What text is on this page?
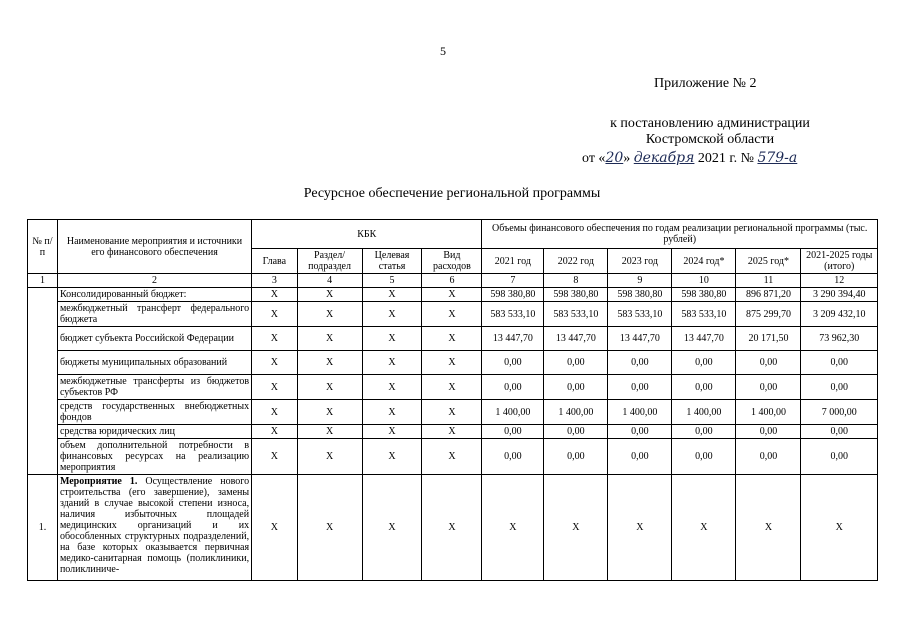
5
Приложение № 2
к постановлению администрации
Костромской области
от «20» декабря 2021 г. № 579-а
Ресурсное обеспечение региональной программы
№ п/п	Наименование мероприятия и источники его финансового обеспечения	КБК				Объемы финансового обеспечения по годам реализации региональной программы (тыс. рублей)					
		Глава	Раздел/ подраздел	Целевая статья	Вид расходов	2021 год	2022 год	2023 год	2024 год*	2025 год*	2021-2025 годы (итого)
1	2	3	4	5	6	7	8	9	10	11	12
	Консолидированный бюджет:	X	X	X	X	598 380,80	598 380,80	598 380,80	598 380,80	896 871,20	3 290 394,40
	межбюджетный трансферт федерального бюджета	X	X	X	X	583 533,10	583 533,10	583 533,10	583 533,10	875 299,70	3 209 432,10
	бюджет субъекта Российской Федерации	X	X	X	X	13 447,70	13 447,70	13 447,70	13 447,70	20 171,50	73 962,30
	бюджеты муниципальных образований	X	X	X	X	0,00	0,00	0,00	0,00	0,00	0,00
	межбюджетные трансферты из бюджетов субъектов РФ	X	X	X	X	0,00	0,00	0,00	0,00	0,00	0,00
	средств государственных внебюджетных фондов	X	X	X	X	1 400,00	1 400,00	1 400,00	1 400,00	1 400,00	7 000,00
	средства юридических лиц	X	X	X	X	0,00	0,00	0,00	0,00	0,00	0,00
	объем дополнительной потребности в финансовых ресурсах на реализацию мероприятия	X	X	X	X	0,00	0,00	0,00	0,00	0,00	0,00
1.	Мероприятие 1. Осуществление нового строительства (его завершение), замены зданий в случае высокой степени износа, наличия избыточных площадей медицинских организаций и их обособленных структурных подразделений, на базе которых оказывается первичная медико-санитарная помощь (поликлиники, поликлиниче-	X	X	X	X	X	X	X	X	X	X
